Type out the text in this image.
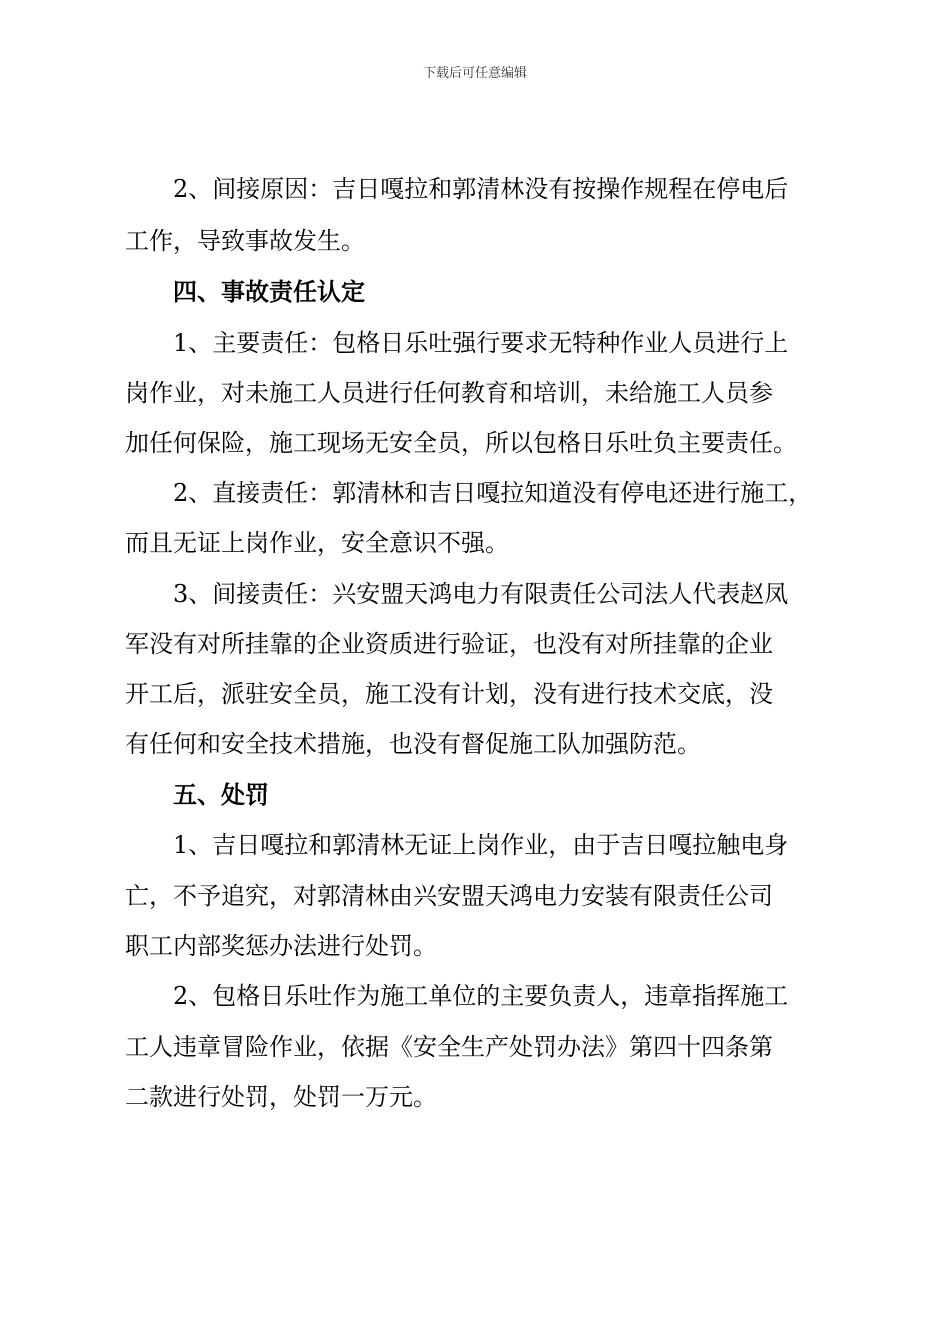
下载后可任意编辑
　　2、间接原因：吉日嘎拉和郭清林没有按操作规程在停电后
工作，导致事故发生。
　　四、事故责任认定
　　1、主要责任：包格日乐吐强行要求无特种作业人员进行上
岗作业，对未施工人员进行任何教育和培训，未给施工人员参
加任何保险，施工现场无安全员，所以包格日乐吐负主要责任。
　　2、直接责任：郭清林和吉日嘎拉知道没有停电还进行施工，
而且无证上岗作业，安全意识不强。
　　3、间接责任：兴安盟天鸿电力有限责任公司法人代表赵凤
军没有对所挂靠的企业资质进行验证，也没有对所挂靠的企业
开工后，派驻安全员，施工没有计划，没有进行技术交底，没
有任何和安全技术措施，也没有督促施工队加强防范。
　　五、处罚
　　1、吉日嘎拉和郭清林无证上岗作业，由于吉日嘎拉触电身
亡，不予追究，对郭清林由兴安盟天鸿电力安装有限责任公司
职工内部奖惩办法进行处罚。
　　2、包格日乐吐作为施工单位的主要负责人，违章指挥施工
工人违章冒险作业，依据《安全生产处罚办法》第四十四条第
二款进行处罚，处罚一万元。
